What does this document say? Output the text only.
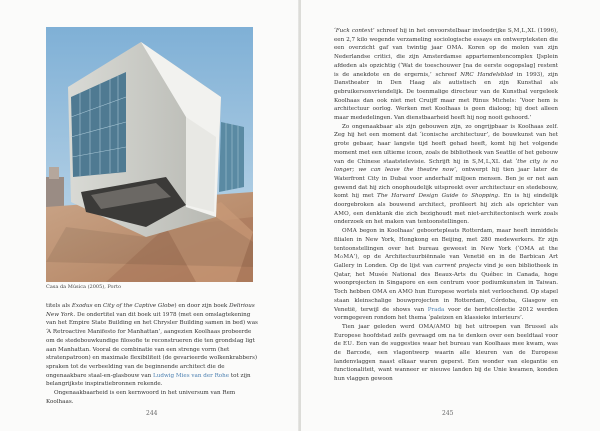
Casa da Música (2005), Porto
titels als Exodus en City of the Captive Globe) en door zijn boek Delirious New York. De ondertitel van dit boek uit 1978 (met een omslagtekening van het Empire State Building en het Chrysler Building samen in bed) was ‘A Retroactive Manifesto for Manhattan’, aangezien Koolhaas probeerde om de stedebouwkundige filosofie te reconstrueren die ten grondslag ligt aan Manhattan. Vooral de combinatie van een strenge vorm (het stratenpatroon) en maximale flexibiliteit (de gevarieerde wolkenkrabbers) spraken tot de verbeelding van de beginnende architect die de ongenaakbare staal-en-glasbouw van Ludwig Mies van der Rohe tot zijn belangrijkste inspiratiebronnen rekende.
Ongenaakbaarheid is een kernwoord in het universum van Rem Koolhaas.
244	245

‘Fuck context’ schreef hij in het onvoorstelbaar invloedrijke S,M,L,XL (1996), een 2,7 kilo wegende verzameling sociologische essays en ontwerpteksten die een overzicht gaf van twintig jaar OMA. Koren op de molen van zijn Nederlandse critici, die zijn Amsterdamse appartementencomplex IJsplein afdeden als opzichtig (‘Wat de toeschouwer [na de eerste oogopslag] restent is de anekdote en de ergernis,’ schreef NRC Handelsblad in 1993), zijn Danstheater in Den Haag als autistisch en zijn Kunsthal als gebruikersonvriendelijk. De toenmalige directeur van de Kunsthal vergeleek Koolhaas dan ook niet met Cruijff maar met Rinus Michels: ‘Voor hem is architectuur oorlog. Werken met Koolhaas is geen dialoog; hij doet alleen maar mededelingen. Van dienstbaarheid heeft hij nog nooit gehoord.’

Zo ongenaakbaar als zijn gebouwen zijn, zo ongrijpbaar is Koolhaas zelf. Zeg hij het een moment dat ‘iconische architectuur’, de bouwkunst van het grote gebaar, haar langste tijd heeft gehad heeft, komt hij het volgende moment met een ultieme icoon, zoals de bibliotheek van Seattle of het gebouw van de Chinese staatstelevisie. Schrijft hij in S,M,L,XL dat ‘the city is no longer; we can leave the theatre now’, ontwerpt hij tien jaar later de Waterfront City in Dubai voor anderhalf miljoen mensen. Ben je er net aan gewend dat hij zich onophoudelijk uitspreekt over architectuur en stedebouw, komt hij met The Harvard Design Guide to Shopping. En is hij eindelijk doorgebroken als bouwend architect, profileert hij zich als oprichter van AMO, een denktank die zich bezighoudt met niet-architectonisch werk zoals onderzoek en het maken van tentoonstellingen.

OMA begon in Koolhaas’ geboortepleats Rotterdam, maar heeft inmiddels filialen in New York, Hongkong en Beijing, met 280 medewerkers. Er zijn tentoonstellingen over het bureau geweest in New York (‘OMA at the MoMA’), op de Architectuurbiënnale van Venetië en in de Barbican Art Gallery in Londen. Op de lijst van current projects vind je een bibliotheek in Qatar, het Musée National des Beaux-Arts du Québec in Canada, hoge woonprojecten in Singapore en een centrum voor podiumkunsten in Taiwan. Toch hebben OMA en AMO hun Europese wortels niet verloochend. Op stapel staan kleinschalige bouwprojecten in Rotterdam, Córdoba, Glasgow en Venetië, terwijl de shows van Prada voor de herfstcollectie 2012 werden vormgegeven rondom het thema ‘paleizen en klassieke interieurs’.

Tien jaar geleden werd OMA/AMO bij het uitroepen van Brussel als Europese hoofdstad zelfs gevraagd om na te denken over een beeldtaal voor de EU. Een van de suggesties waar het bureau van Koolhaas mee kwam, was de Barcode, een vlagontwerp waarin alle kleuren van de Europese landenvlaggen naast elkaar waren geperst. Een wonder van elegantie en functionaliteit, want wanneer er nieuwe landen bij de Unie kwamen, konden hun vlaggen gewoon
